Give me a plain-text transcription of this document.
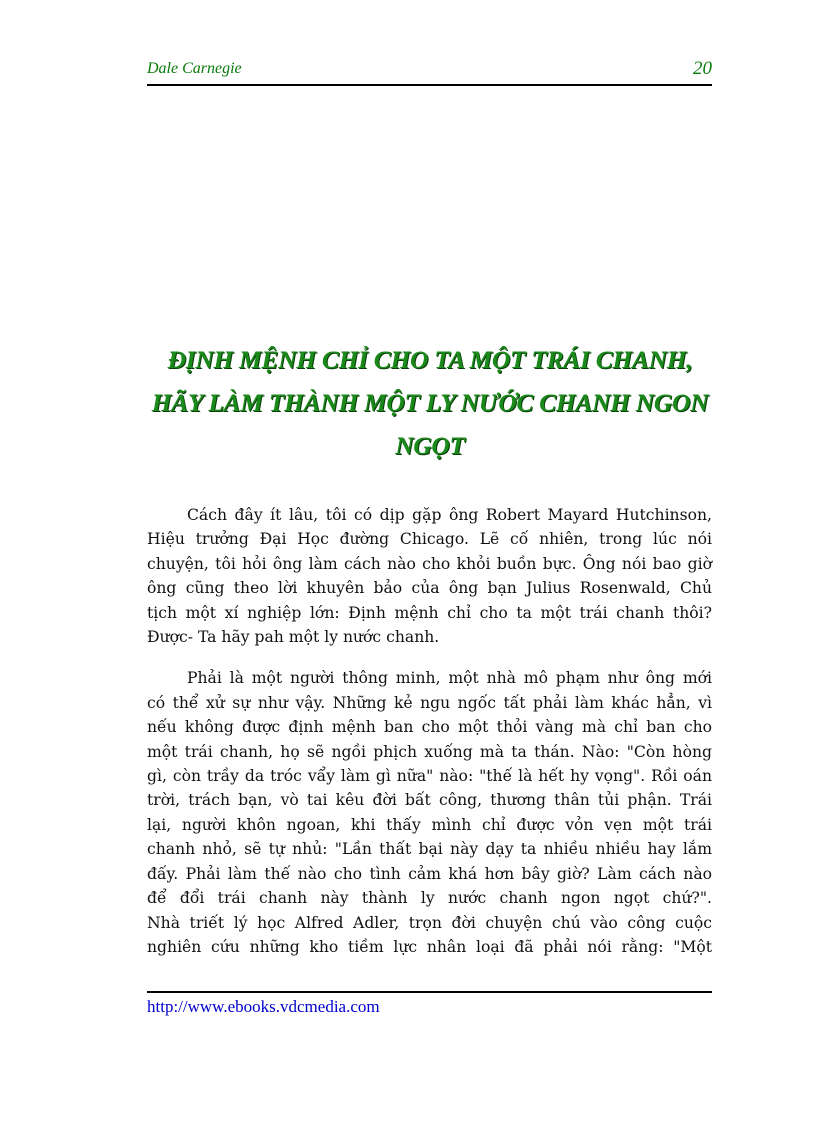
Dale Carnegie	20
ĐỊNH MỆNH CHỈ CHO TA MỘT TRÁI CHANH,
HÃY LÀM THÀNH MỘT LY NƯỚC CHANH NGON
NGỌT
Cách đây ít lâu, tôi có dịp gặp ông Robert Mayard Hutchinson,
Hiệu trưởng Đại Học đường Chicago. Lẽ cố nhiên, trong lúc nói
chuyện, tôi hỏi ông làm cách nào cho khỏi buồn bực. Ông nói bao giờ
ông cũng theo lời khuyên bảo của ông bạn Julius Rosenwald, Chủ
tịch một xí nghiệp lớn: Định mệnh chỉ cho ta một trái chanh thôi?
Được- Ta hãy pah một ly nước chanh.
Phải là một người thông minh, một nhà mô phạm như ông mới
có thể xử sự như vậy. Những kẻ ngu ngốc tất phải làm khác hẳn, vì
nếu không được định mệnh ban cho một thỏi vàng mà chỉ ban cho
một trái chanh, họ sẽ ngồi phịch xuống mà ta thán. Nào: "Còn hòng
gì, còn trầy da tróc vẩy làm gì nữa" nào: "thế là hết hy vọng". Rồi oán
trời, trách bạn, vò tai kêu đời bất công, thương thân tủi phận. Trái
lại, người khôn ngoan, khi thấy mình chỉ được vỏn vẹn một trái
chanh nhỏ, sẽ tự nhủ: "Lần thất bại này dạy ta nhiều nhiều hay lắm
đấy. Phải làm thế nào cho tình cảm khá hơn bây giờ? Làm cách nào
để đổi trái chanh này thành ly nước chanh ngon ngọt chứ?".
Nhà triết lý học Alfred Adler, trọn đời chuyện chú vào công cuộc
nghiên cứu những kho tiềm lực nhân loại đã phải nói rằng: "Một
http://www.ebooks.vdcmedia.com
